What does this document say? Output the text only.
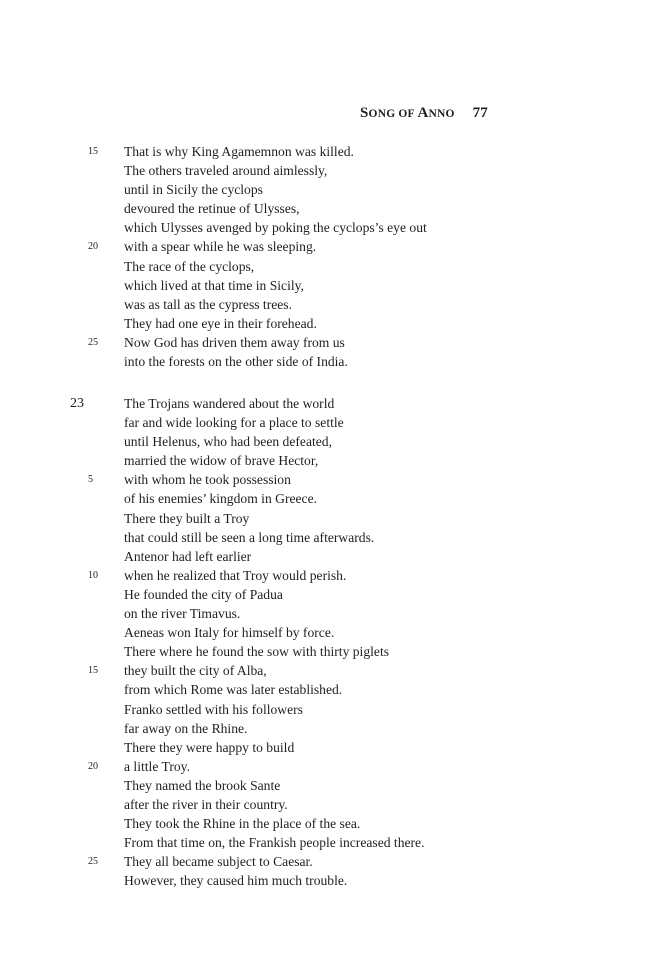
SONG OF ANNO 77
15	That is why King Agamemnon was killed.
The others traveled around aimlessly,
until in Sicily the cyclops
devoured the retinue of Ulysses,
which Ulysses avenged by poking the cyclops’s eye out
20	with a spear while he was sleeping.
The race of the cyclops,
which lived at that time in Sicily,
was as tall as the cypress trees.
They had one eye in their forehead.
25	Now God has driven them away from us
into the forests on the other side of India.
23	The Trojans wandered about the world
far and wide looking for a place to settle
until Helenus, who had been defeated,
married the widow of brave Hector,
5	with whom he took possession
of his enemies’ kingdom in Greece.
There they built a Troy
that could still be seen a long time afterwards.
Antenor had left earlier
10	when he realized that Troy would perish.
He founded the city of Padua
on the river Timavus.
Aeneas won Italy for himself by force.
There where he found the sow with thirty piglets
15	they built the city of Alba,
from which Rome was later established.
Franko settled with his followers
far away on the Rhine.
There they were happy to build
20	a little Troy.
They named the brook Sante
after the river in their country.
They took the Rhine in the place of the sea.
From that time on, the Frankish people increased there.
25	They all became subject to Caesar.
However, they caused him much trouble.
